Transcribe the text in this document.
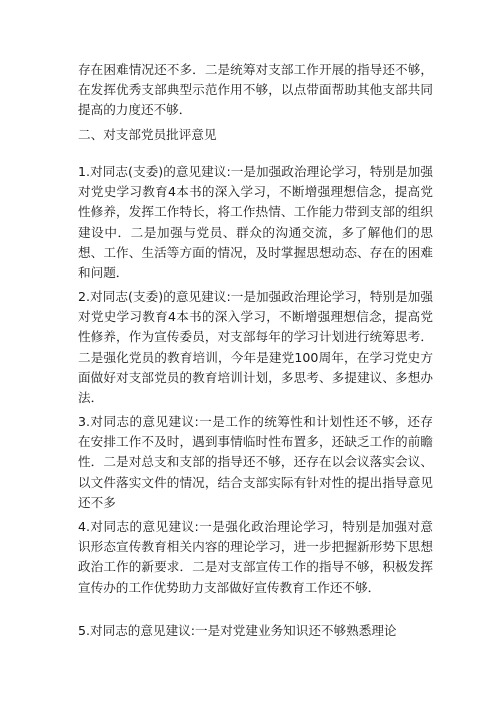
存在困难情况还不多．二是统筹对支部工作开展的指导还不够，在发挥优秀支部典型示范作用不够，以点带面帮助其他支部共同提高的力度还不够．

二、对支部党员批评意见

1.对同志(支委)的意见建议:一是加强政治理论学习，特别是加强对党史学习教育4本书的深入学习，不断增强理想信念，提高党性修养，发挥工作特长，将工作热情、工作能力带到支部的组织建设中．二是加强与党员、群众的沟通交流，多了解他们的思想、工作、生活等方面的情况，及时掌握思想动态、存在的困难和问题．

2.对同志(支委)的意见建议:一是加强政治理论学习，特别是加强对党史学习教育4本书的深入学习，不断增强理想信念，提高党性修养，作为宣传委员，对支部每年的学习计划进行统筹思考．二是强化党员的教育培训，今年是建党100周年，在学习党史方面做好对支部党员的教育培训计划，多思考、多提建议、多想办法．

3.对同志的意见建议:一是工作的统筹性和计划性还不够，还存在安排工作不及时，遇到事情临时性布置多，还缺乏工作的前瞻性．二是对总支和支部的指导还不够，还存在以会议落实会议、以文件落实文件的情况，结合支部实际有针对性的提出指导意见还不多

4.对同志的意见建议:一是强化政治理论学习，特别是加强对意识形态宣传教育相关内容的理论学习，进一步把握新形势下思想政治工作的新要求．二是对支部宣传工作的指导不够，积极发挥宣传办的工作优势助力支部做好宣传教育工作还不够．

5.对同志的意见建议:一是对党建业务知识还不够熟悉理论
